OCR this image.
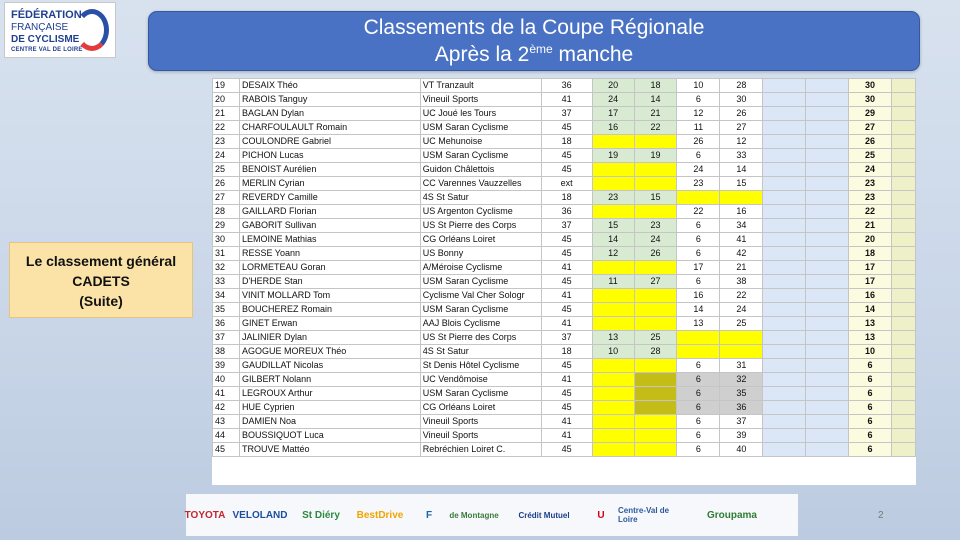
FÉDÉRATION
FRANÇAISE
DE CYCLISME
CENTRE VAL DE LOIRE
Classements de la Coupe Régionale
Après la 2ème manche
Le classement général
CADETS
(Suite)
19	DESAIX Théo	VT Tranzault	36	20	18	10	28			30	
20	RABOIS Tanguy	Vineuil Sports	41	24	14	6	30			30	
21	BAGLAN Dylan	UC Joué les Tours	37	17	21	12	26			29	
22	CHARFOULAULT Romain	USM Saran Cyclisme	45	16	22	11	27			27	
23	COULONDRE Gabriel	UC Mehunoise	18			26	12			26	
24	PICHON Lucas	USM Saran Cyclisme	45	19	19	6	33			25	
25	BENOIST Aurélien	Guidon Châlettois	45			24	14			24	
26	MERLIN Cyrian	CC Varennes Vauzzelles	ext			23	15			23	
27	REVERDY Camille	4S St Satur	18	23	15					23	
28	GAILLARD Florian	US Argenton Cyclisme	36			22	16			22	
29	GABORIT Sullivan	US St Pierre des Corps	37	15	23	6	34			21	
30	LEMOINE Mathias	CG Orléans Loiret	45	14	24	6	41			20	
31	RESSE Yoann	US Bonny	45	12	26	6	42			18	
32	LORMETEAU Goran	A/Méroise Cyclisme	41			17	21			17	
33	D'HERDE Stan	USM Saran Cyclisme	45	11	27	6	38			17	
34	VINIT MOLLARD Tom	Cyclisme Val Cher Sologr	41			16	22			16	
35	BOUCHEREZ Romain	USM Saran Cyclisme	45			14	24			14	
36	GINET Erwan	AAJ Blois Cyclisme	41			13	25			13	
37	JALINIER Dylan	US St Pierre des Corps	37	13	25					13	
38	AGOGUE MOREUX Théo	4S St Satur	18	10	28					10	
39	GAUDILLAT Nicolas	St Denis Hôtel Cyclisme	45			6	31			6	
40	GILBERT Nolann	UC Vendômoise	41			6	32			6	
41	LEGROUX Arthur	USM Saran Cyclisme	45			6	35			6	
42	HUE Cyprien	CG Orléans Loiret	45			6	36			6	
43	DAMIEN Noa	Vineuil Sports	41			6	37			6	
44	BOUSSIQUOT Luca	Vineuil Sports	41			6	39			6	
45	TROUVE Mattéo	Rebréchien Loiret C.	45			6	40			6	
TOYOTA VELOLAND	St Diéry	BestDrive	F	de Montagne	Crédit Mutuel	U	Centre-Val de Loire	Groupama	2
